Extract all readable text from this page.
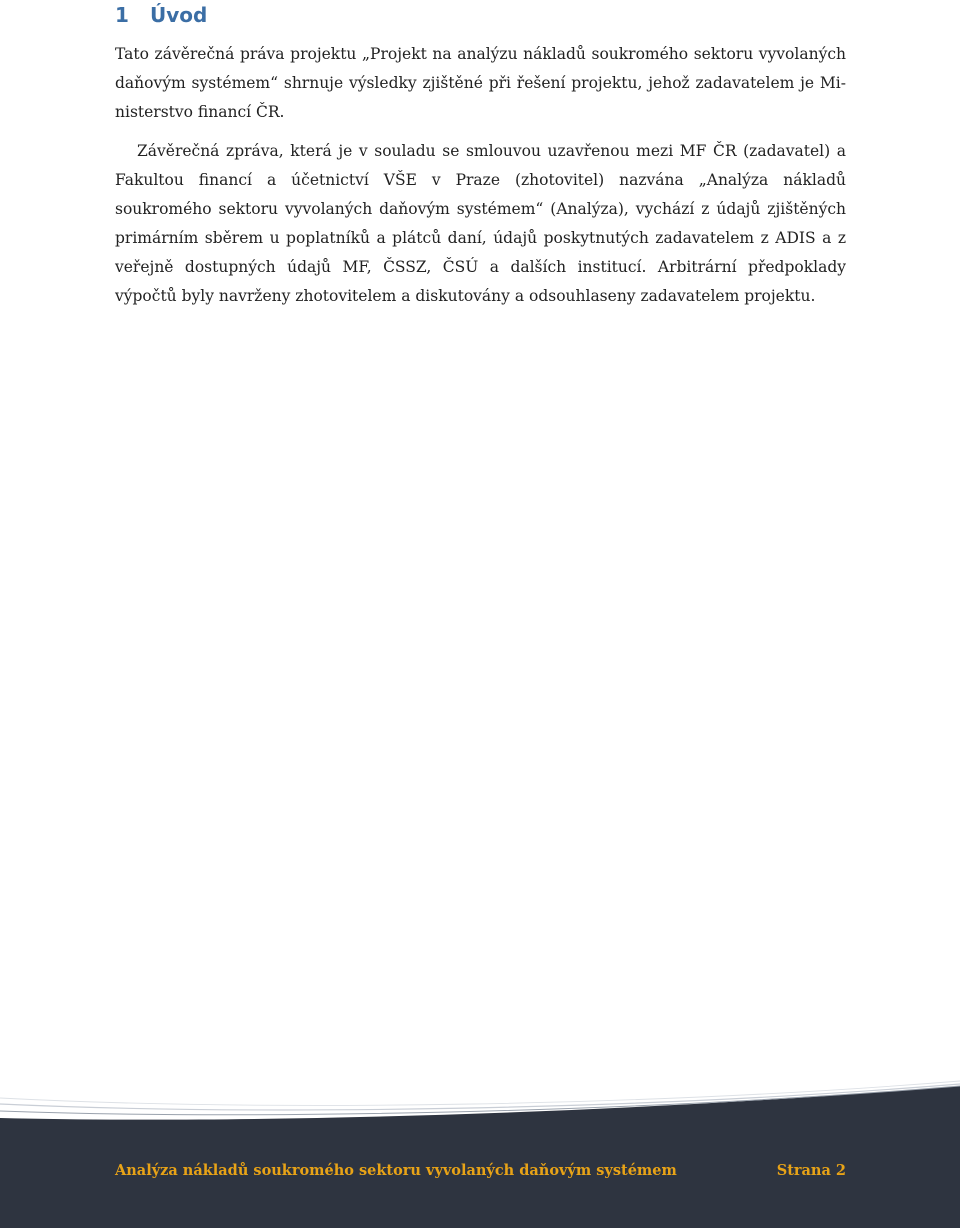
1	Úvod

Tato závěrečná práva projektu „Projekt na analýzu nákladů soukromého sektoru vyvolaných daňovým systémem“ shrnuje výsledky zjištěné při řešení projektu, jehož zadavatelem je Ministerstvo financí ČR.

Závěrečná zpráva, která je v souladu se smlouvou uzavřenou mezi MF ČR (zadavatel) a Fakultou financí a účetnictví VŠE v Praze (zhotovitel) nazvána „Analýza nákladů soukromého sektoru vyvolaných daňovým systémem“ (Analýza), vychází z údajů zjištěných primárním sběrem u poplatníků a plátců daní, údajů poskytnutých zadavatelem z ADIS a z veřejně dostupných údajů MF, ČSSZ, ČSÚ a dalších institucí. Arbitrární předpoklady výpočtů byly navrženy zhotovitelem a diskutovány a odsouhlaseny zadavatelem projektu.

Analýza nákladů soukromého sektoru vyvolaných daňovým systémem	Strana 2
